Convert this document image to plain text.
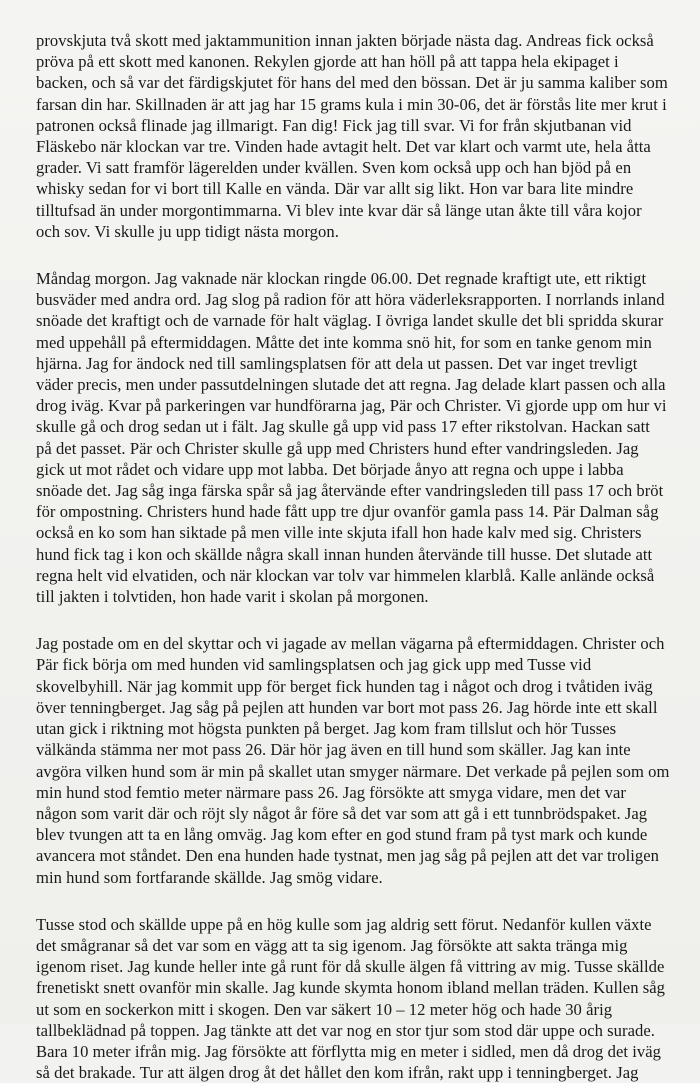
provskjuta två skott med jaktammunition innan jakten började nästa dag. Andreas fick också
pröva på ett skott med kanonen. Rekylen gjorde att han höll på att tappa hela ekipaget i
backen, och så var det färdigskjutet för hans del med den bössan. Det är ju samma kaliber som
farsan din har. Skillnaden är att jag har 15 grams kula i min 30-06, det är förstås lite mer krut i
patronen också flinade jag illmarigt. Fan dig! Fick jag till svar. Vi for från skjutbanan vid
Fläskebo när klockan var tre. Vinden hade avtagit helt. Det var klart och varmt ute, hela åtta
grader. Vi satt framför lägerelden under kvällen. Sven kom också upp och han bjöd på en
whisky sedan for vi bort till Kalle en vända. Där var allt sig likt. Hon var bara lite mindre
tilltufsad än under morgontimmarna. Vi blev inte kvar där så länge utan åkte till våra kojor
och sov. Vi skulle ju upp tidigt nästa morgon.

Måndag morgon. Jag vaknade när klockan ringde 06.00. Det regnade kraftigt ute, ett riktigt
busväder med andra ord. Jag slog på radion för att höra väderleksrapporten. I norrlands inland
snöade det kraftigt och de varnade för halt väglag. I övriga landet skulle det bli spridda skurar
med uppehåll på eftermiddagen. Måtte det inte komma snö hit, for som en tanke genom min
hjärna. Jag for ändock ned till samlingsplatsen för att dela ut passen. Det var inget trevligt
väder precis, men under passutdelningen slutade det att regna. Jag delade klart passen och alla
drog iväg. Kvar på parkeringen var hundförarna jag, Pär och Christer. Vi gjorde upp om hur vi
skulle gå och drog sedan ut i fält. Jag skulle gå upp vid pass 17 efter rikstolvan. Hackan satt
på det passet. Pär och Christer skulle gå upp med Christers hund efter vandringsleden. Jag
gick ut mot rådet och vidare upp mot labba. Det började ånyo att regna och uppe i labba
snöade det. Jag såg inga färska spår så jag återvände efter vandringsleden till pass 17 och bröt
för ompostning. Christers hund hade fått upp tre djur ovanför gamla pass 14. Pär Dalman såg
också en ko som han siktade på men ville inte skjuta ifall hon hade kalv med sig. Christers
hund fick tag i kon och skällde några skall innan hunden återvände till husse. Det slutade att
regna helt vid elvatiden, och när klockan var tolv var himmelen klarblå. Kalle anlände också
till jakten i tolvtiden, hon hade varit i skolan på morgonen.

Jag postade om en del skyttar och vi jagade av mellan vägarna på eftermiddagen. Christer och
Pär fick börja om med hunden vid samlingsplatsen och jag gick upp med Tusse vid
skovelbyhill. När jag kommit upp för berget fick hunden tag i något och drog i tvåtiden iväg
över tenningberget. Jag såg på pejlen att hunden var bort mot pass 26. Jag hörde inte ett skall
utan gick i riktning mot högsta punkten på berget. Jag kom fram tillslut och hör Tusses
välkända stämma ner mot pass 26. Där hör jag även en till hund som skäller. Jag kan inte
avgöra vilken hund som är min på skallet utan smyger närmare. Det verkade på pejlen som om
min hund stod femtio meter närmare pass 26. Jag försökte att smyga vidare, men det var
någon som varit där och röjt sly något år före så det var som att gå i ett tunnbrödspaket. Jag
blev tvungen att ta en lång omväg. Jag kom efter en god stund fram på tyst mark och kunde
avancera mot ståndet. Den ena hunden hade tystnat, men jag såg på pejlen att det var troligen
min hund som fortfarande skällde. Jag smög vidare.

Tusse stod och skällde uppe på en hög kulle som jag aldrig sett förut. Nedanför kullen växte
det smågranar så det var som en vägg att ta sig igenom. Jag försökte att sakta tränga mig
igenom riset. Jag kunde heller inte gå runt för då skulle älgen få vittring av mig. Tusse skällde
frenetiskt snett ovanför min skalle. Jag kunde skymta honom ibland mellan träden. Kullen såg
ut som en sockerkon mitt i skogen. Den var säkert 10 – 12 meter hög och hade 30 årig
tallbeklädnad på toppen. Jag tänkte att det var nog en stor tjur som stod där uppe och surade.
Bara 10 meter ifrån mig. Jag försökte att förflytta mig en meter i sidled, men då drog det iväg
så det brakade. Tur att älgen drog åt det hållet den kom ifrån, rakt upp i tenningberget. Jag
